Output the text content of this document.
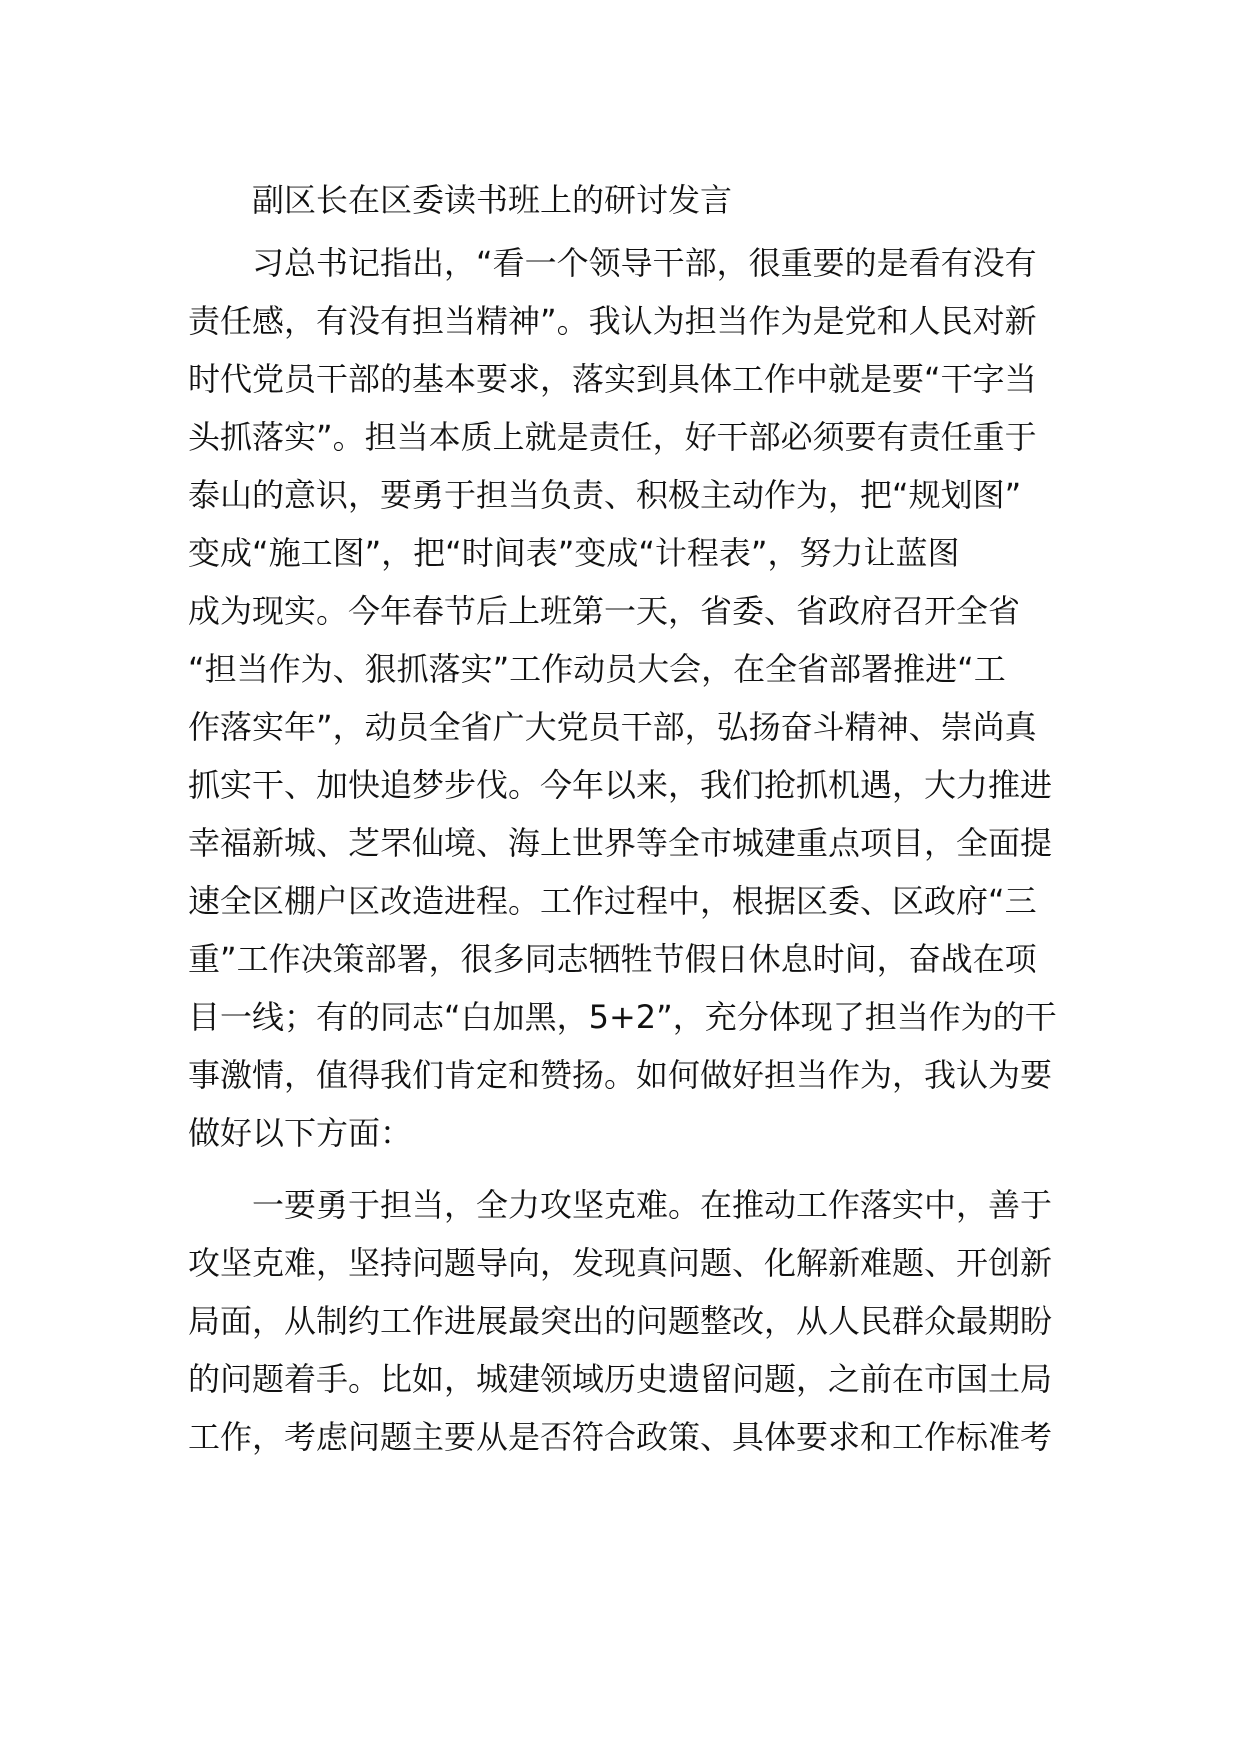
副区长在区委读书班上的研讨发言
习总书记指出，“看一个领导干部，很重要的是看有没有
责任感，有没有担当精神”。我认为担当作为是党和人民对新
时代党员干部的基本要求，落实到具体工作中就是要“干字当
头抓落实”。担当本质上就是责任，好干部必须要有责任重于
泰山的意识，要勇于担当负责、积极主动作为，把“规划图”
变成“施工图”，把“时间表”变成“计程表”，努力让蓝图
成为现实。今年春节后上班第一天，省委、省政府召开全省
“担当作为、狠抓落实”工作动员大会，在全省部署推进“工
作落实年”，动员全省广大党员干部，弘扬奋斗精神、崇尚真
抓实干、加快追梦步伐。今年以来，我们抢抓机遇，大力推进
幸福新城、芝罘仙境、海上世界等全市城建重点项目，全面提
速全区棚户区改造进程。工作过程中，根据区委、区政府“三
重”工作决策部署，很多同志牺牲节假日休息时间，奋战在项
目一线；有的同志“白加黑，5+2”，充分体现了担当作为的干
事激情，值得我们肯定和赞扬。如何做好担当作为，我认为要
做好以下方面：
一要勇于担当，全力攻坚克难。在推动工作落实中，善于
攻坚克难，坚持问题导向，发现真问题、化解新难题、开创新
局面，从制约工作进展最突出的问题整改，从人民群众最期盼
的问题着手。比如，城建领域历史遗留问题，之前在市国土局
工作，考虑问题主要从是否符合政策、具体要求和工作标准考
